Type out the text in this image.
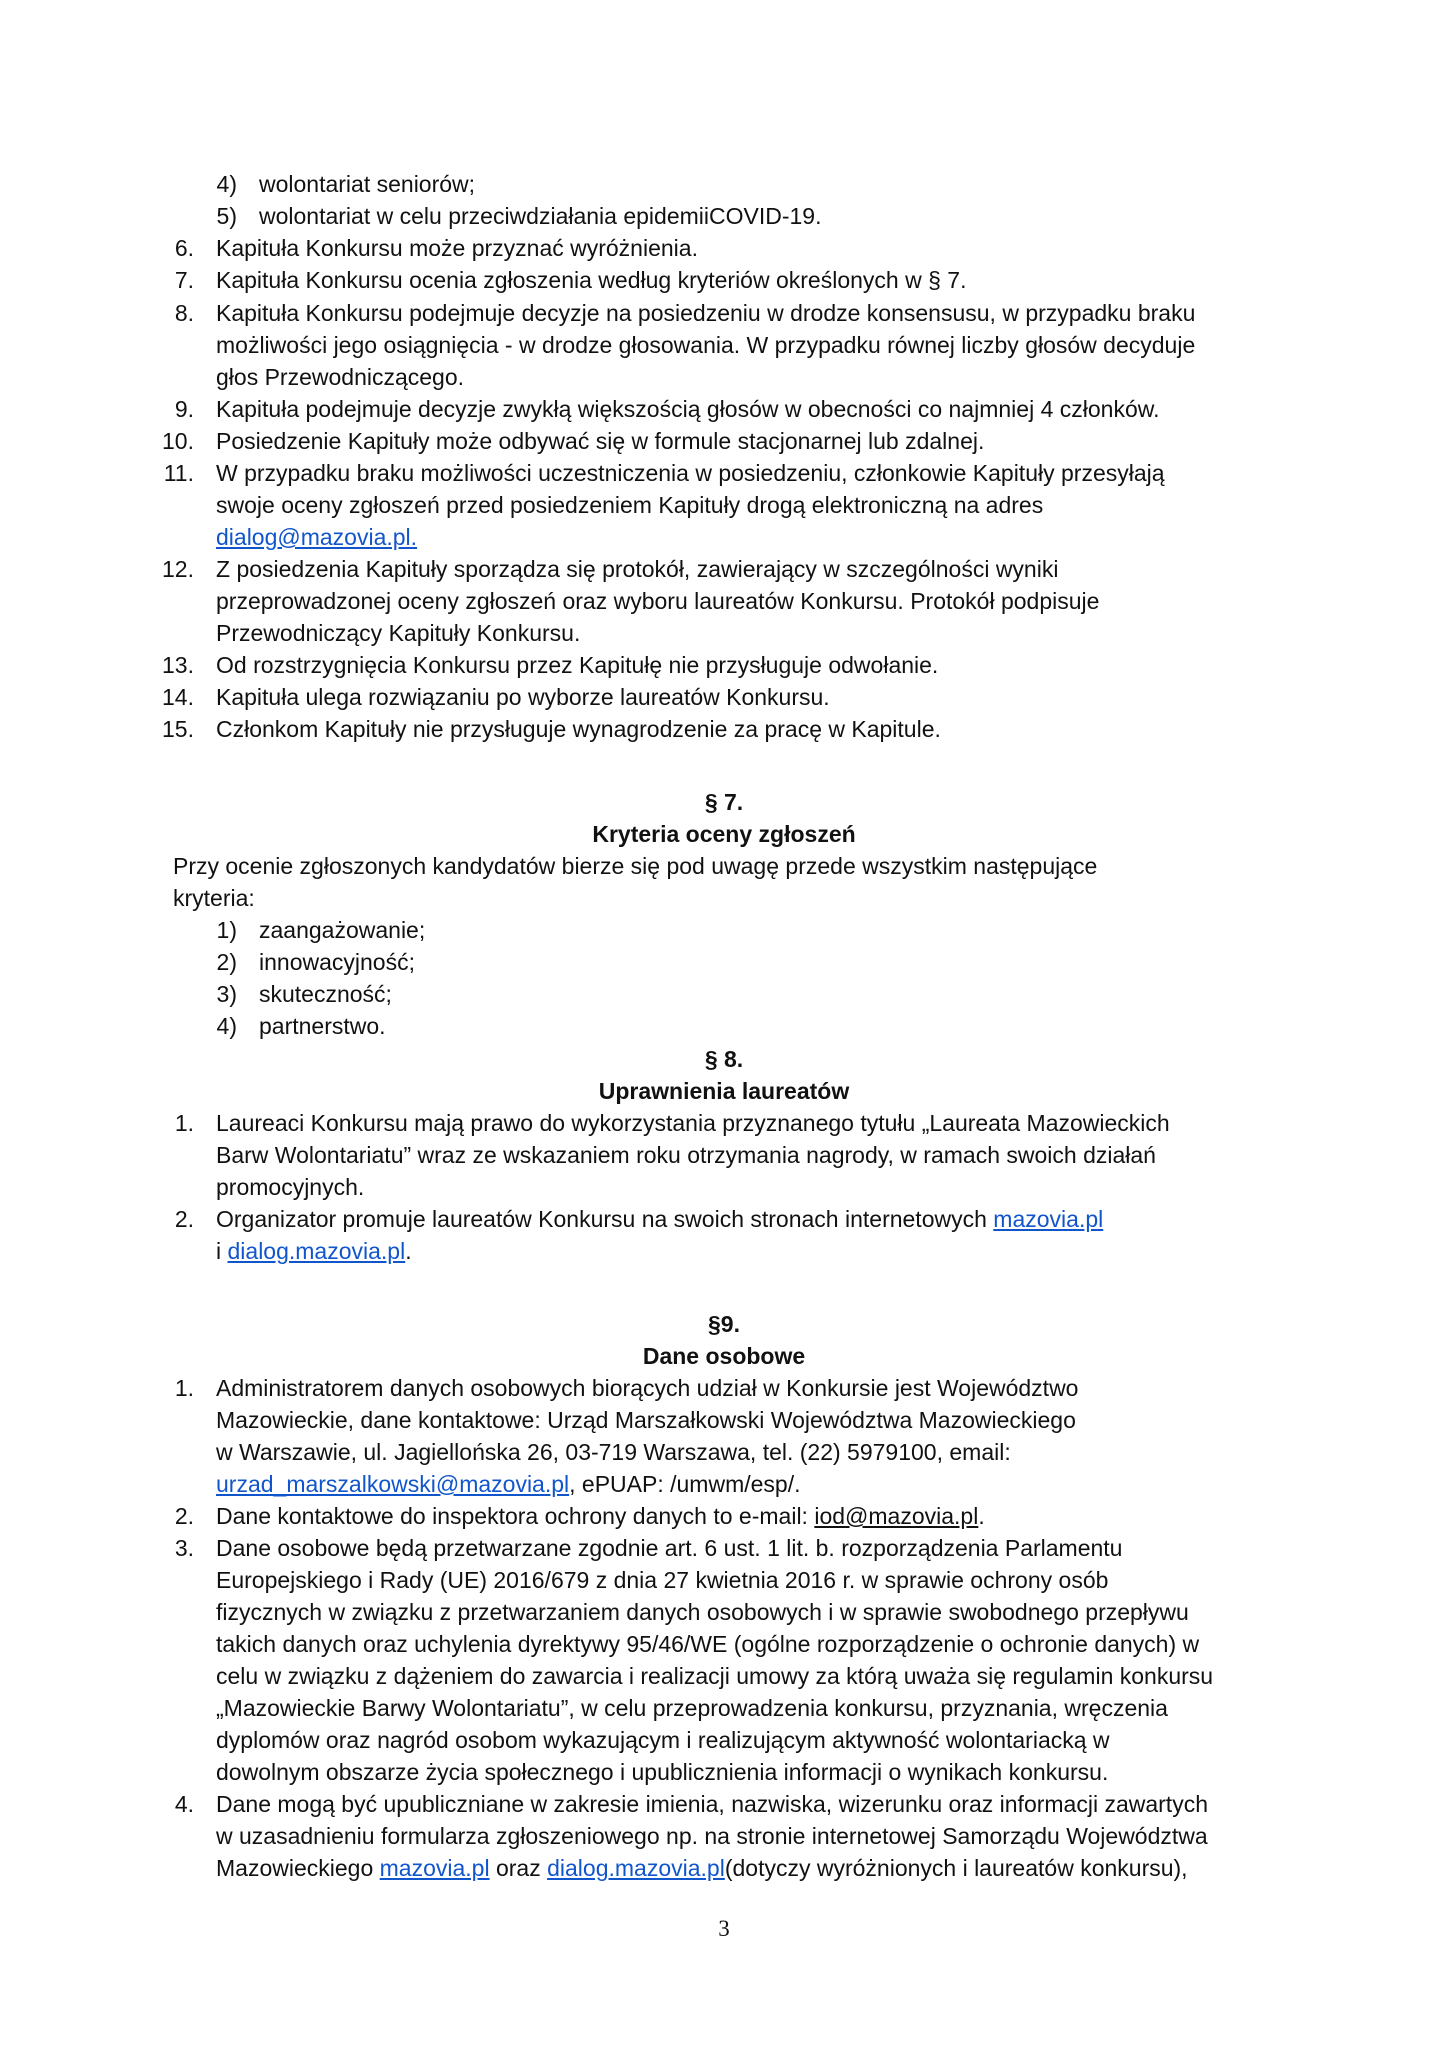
4) wolontariat seniorów;
5) wolontariat w celu przeciwdziałania epidemiiCOVID-19.
6. Kapituła Konkursu może przyznać wyróżnienia.
7. Kapituła Konkursu ocenia zgłoszenia według kryteriów określonych w § 7.
8. Kapituła Konkursu podejmuje decyzje na posiedzeniu w drodze konsensusu, w przypadku braku
możliwości jego osiągnięcia - w drodze głosowania. W przypadku równej liczby głosów decyduje
głos Przewodniczącego.
9. Kapituła podejmuje decyzje zwykłą większością głosów w obecności co najmniej 4 członków.
10. Posiedzenie Kapituły może odbywać się w formule stacjonarnej lub zdalnej.
11. W przypadku braku możliwości uczestniczenia w posiedzeniu, członkowie Kapituły przesyłają
swoje oceny zgłoszeń przed posiedzeniem Kapituły drogą elektroniczną na adres
dialog@mazovia.pl.
12. Z posiedzenia Kapituły sporządza się protokół, zawierający w szczególności wyniki
przeprowadzonej oceny zgłoszeń oraz wyboru laureatów Konkursu. Protokół podpisuje
Przewodniczący Kapituły Konkursu.
13. Od rozstrzygnięcia Konkursu przez Kapitułę nie przysługuje odwołanie.
14. Kapituła ulega rozwiązaniu po wyborze laureatów Konkursu.
15. Członkom Kapituły nie przysługuje wynagrodzenie za pracę w Kapitule.
§ 7.
Kryteria oceny zgłoszeń
Przy ocenie zgłoszonych kandydatów bierze się pod uwagę przede wszystkim następujące
kryteria:
1) zaangażowanie;
2) innowacyjność;
3) skuteczność;
4) partnerstwo.
§ 8.
Uprawnienia laureatów
1. Laureaci Konkursu mają prawo do wykorzystania przyznanego tytułu „Laureata Mazowieckich
Barw Wolontariatu” wraz ze wskazaniem roku otrzymania nagrody, w ramach swoich działań
promocyjnych.
2. Organizator promuje laureatów Konkursu na swoich stronach internetowych mazovia.pl
i dialog.mazovia.pl.
§9.
Dane osobowe
1. Administratorem danych osobowych biorących udział w Konkursie jest Województwo
Mazowieckie, dane kontaktowe: Urząd Marszałkowski Województwa Mazowieckiego
w Warszawie, ul. Jagiellońska 26, 03-719 Warszawa, tel. (22) 5979100, email:
urzad_marszalkowski@mazovia.pl, ePUAP: /umwm/esp/.
2. Dane kontaktowe do inspektora ochrony danych to e-mail: iod@mazovia.pl.
3. Dane osobowe będą przetwarzane zgodnie art. 6 ust. 1 lit. b. rozporządzenia Parlamentu
Europejskiego i Rady (UE) 2016/679 z dnia 27 kwietnia 2016 r. w sprawie ochrony osób
fizycznych w związku z przetwarzaniem danych osobowych i w sprawie swobodnego przepływu
takich danych oraz uchylenia dyrektywy 95/46/WE (ogólne rozporządzenie o ochronie danych) w
celu w związku z dążeniem do zawarcia i realizacji umowy za którą uważa się regulamin konkursu
„Mazowieckie Barwy Wolontariatu”, w celu przeprowadzenia konkursu, przyznania, wręczenia
dyplomów oraz nagród osobom wykazującym i realizującym aktywność wolontariacką w
dowolnym obszarze życia społecznego i upublicznienia informacji o wynikach konkursu.
4. Dane mogą być upubliczniane w zakresie imienia, nazwiska, wizerunku oraz informacji zawartych
w uzasadnieniu formularza zgłoszeniowego np. na stronie internetowej Samorządu Województwa
Mazowieckiego mazovia.pl oraz dialog.mazovia.pl(dotyczy wyróżnionych i laureatów konkursu),
3
